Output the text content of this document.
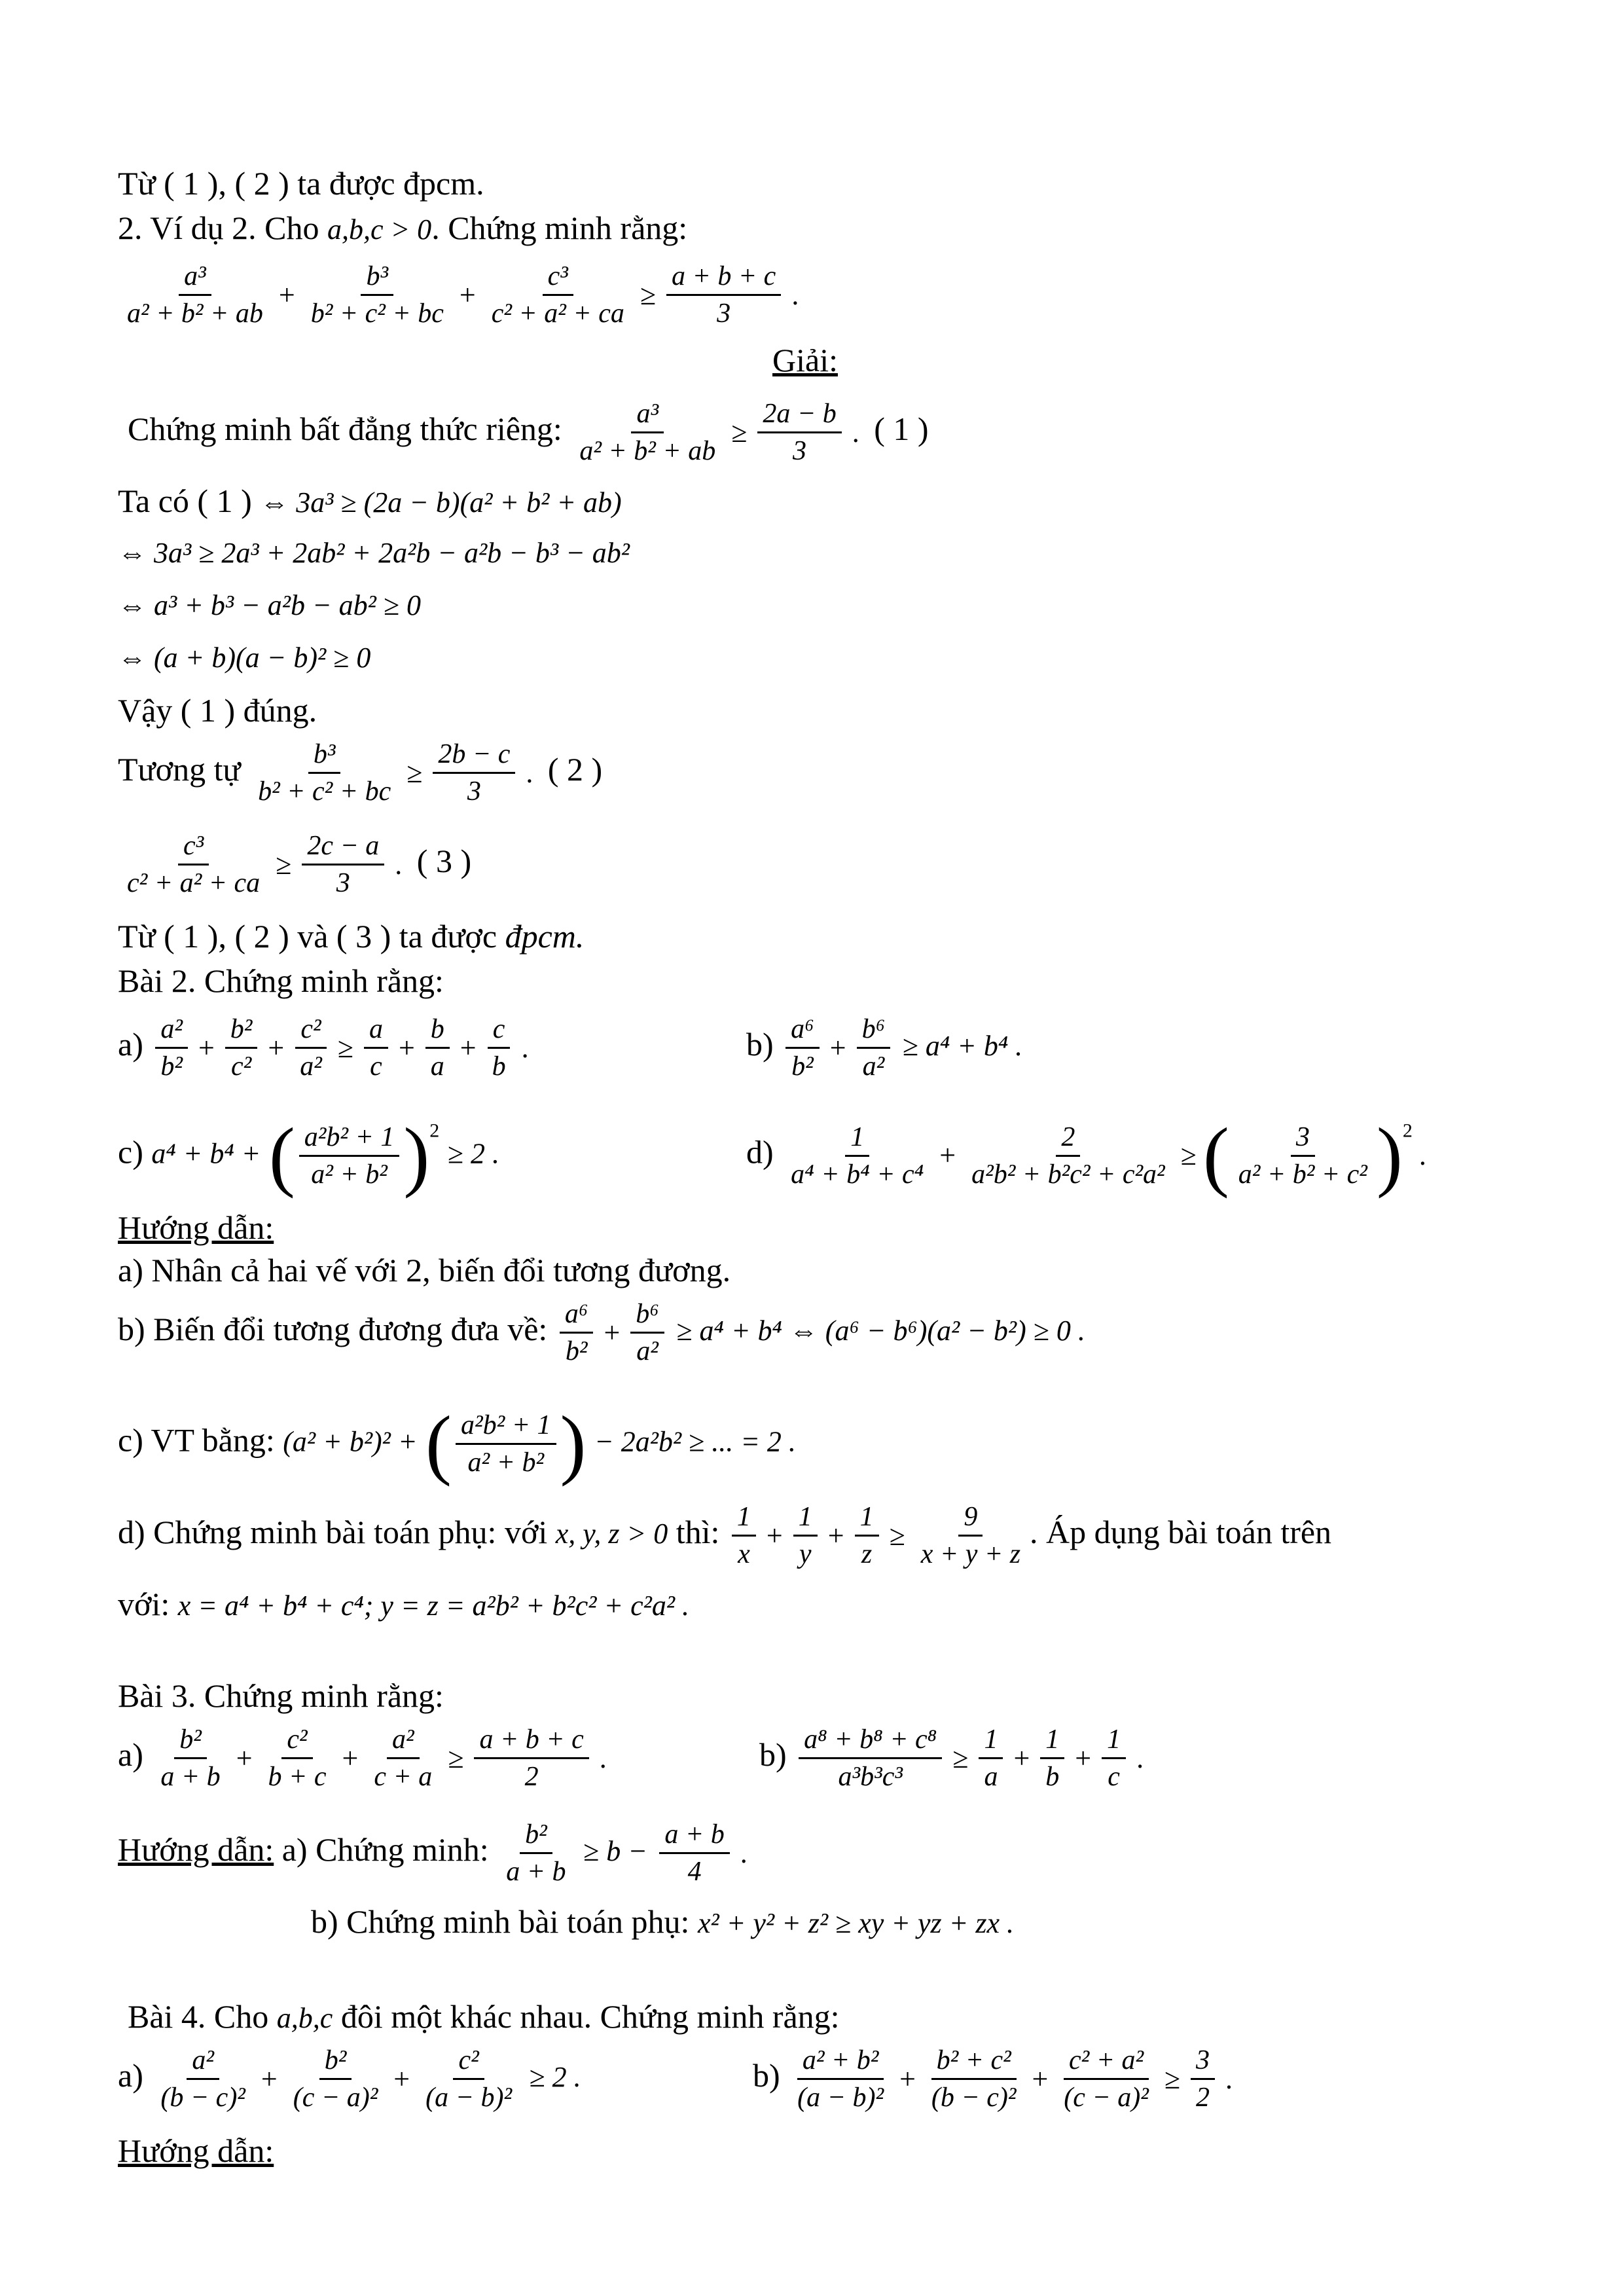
Từ ( 1 ), ( 2 ) ta được đpcm.
2. Ví dụ 2. Cho a,b,c > 0. Chứng minh rằng:
$\frac{\text{a³}}{\text{a² + b² + ab}} + \frac{\text{b³}}{\text{b² + c² + bc}} + \frac{\text{c³}}{\text{c² + a² + ca}} \ge \frac{a + b + c}{3}$ .
Giải:
Chứng minh bất đẳng thức riêng: $\frac{\text{a³}}{\text{a² + b² + ab}} \ge \frac{2a - b}{3}$ . ( 1 )
Ta có ( 1 ) ⇔ 3a³ ≥ (2a − b)(a² + b² + ab)
⇔ 3a³ ≥ 2a³ + 2ab² + 2a²b − a²b − b³ − ab²
⇔ a³ + b³ − a²b − ab² ≥ 0
⇔ (a + b)(a − b)² ≥ 0
Vậy ( 1 ) đúng.
Tương tự $\frac{\text{b³}}{\text{b² + c² + bc}} \ge \frac{2b - c}{3}$ . ( 2 )
$\frac{\text{c³}}{\text{c² + a² + ca}} \ge \frac{2c - a}{3}$ . ( 3 )
Từ ( 1 ), ( 2 ) và ( 3 ) ta được đpcm.
Bài 2. Chứng minh rằng:
$a) \frac{\text{a²}}{\text{b²}} + \frac{\text{b²}}{\text{c²}} + \frac{\text{c²}}{\text{a²}} \ge \frac{a}{c} + \frac{b}{a} + \frac{c}{b}$ .	$b) \frac{\text{a⁶}}{\text{b²}} + \frac{\text{b⁶}}{\text{a²}} \ge a^4 + b^4$ .
c) a⁴ + b⁴ + ( $\frac{\text{a²b² + 1}}{\text{a² + b²}} )^2 \ge 2$ .	$d) \frac{1}{\text{a⁴ + b⁴ + c⁴}} + \frac{2}{\text{a²b² + b²c² + c²a²}}$ ≥( $\frac{3}{\text{a² + b² + c²}} )^2$.
Hướng dẫn:
a) Nhân cả hai vế với 2, biến đổi tương đương.
b) Biến đổi tương đương đưa về: $\frac{\text{a⁶}}{\text{b²}} + \frac{\text{b⁶}}{\text{a²}} \ge a^4 + b^4$ ⇔ (a⁶ − b⁶)(a² − b²) ≥ 0 .
c) VT bằng: (a² + b²)² + ( $\frac{\text{a²b² + 1}}{\text{a² + b²}}$ ) − 2a²b² ≥ ... = 2 .
d) Chứng minh bài toán phụ: với x, y, z > 0 thì: $\frac{1}{x} + \frac{1}{y} + \frac{1}{z} \ge \frac{9}{x + y + z}$ . Áp dụng bài toán trên
với: x = a⁴ + b⁴ + c⁴; y = z = a²b² + b²c² + c²a² .
Bài 3. Chứng minh rằng:
$a) \frac{\text{b²}}{a + b} + \frac{\text{c²}}{b + c} + \frac{\text{a²}}{c + a} \ge \frac{a + b + c}{2}$ .	$b) \frac{\text{a⁸ + b⁸ + c⁸}}{\text{a³b³c³}} \ge \frac{1}{a} + \frac{1}{b} + \frac{1}{c}$ .
Hướng dẫn: a) Chứng minh: $\frac{\text{b²}}{a + b} \ge b - \frac{a + b}{4}$ .
b) Chứng minh bài toán phụ: x² + y² + z² ≥ xy + yz + zx .
Bài 4. Cho a,b,c đôi một khác nhau. Chứng minh rằng:
$a) \frac{\text{a²}}{\text{(b − c)²}} + \frac{\text{b²}}{\text{(c − a)²}} + \frac{\text{c²}}{\text{(a − b)²}} \ge 2$ .	$b) \frac{\text{a² + b²}}{\text{(a − b)²}} + \frac{\text{b² + c²}}{\text{(b − c)²}} + \frac{\text{c² + a²}}{\text{(c − a)²}} \ge \frac{3}{2}$ .
Hướng dẫn:
